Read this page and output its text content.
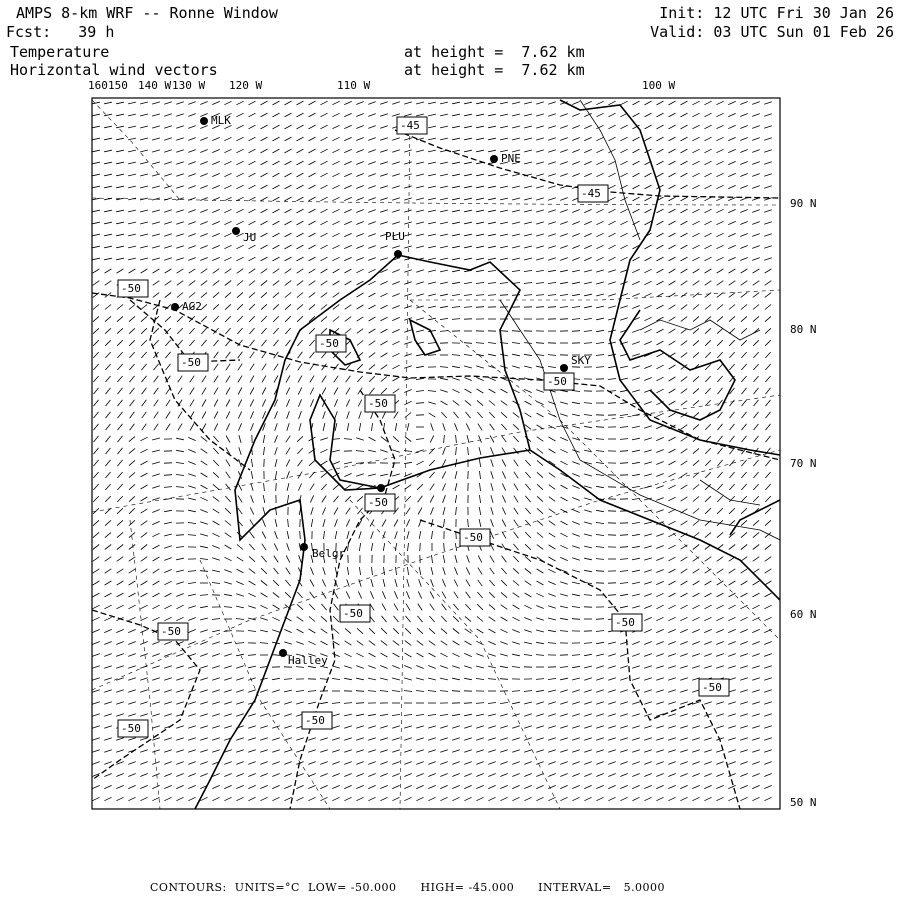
AMPS 8-km WRF -- Ronne Window	Init: 12 UTC Fri 30 Jan 26
Fcst:   39 h	Valid: 03 UTC Sun 01 Feb 26
Temperature	at height =  7.62 km
Horizontal wind vectors	at height =  7.62 km
160 150 140 W 130 W 120 W	110 W	100 W
90 N
80 N
70 N
60 N
50 N
-45
-45
-50
-50
-50
-50
-50
-50
-50
-50
-50
-50
-50
-50
-50
MLK
PNE
JU	PLU
AG2
SKY
Belgr
Halley
CONTOURS:  UNITS=°C  LOW= -50.000      HIGH= -45.000      INTERVAL=   5.0000
